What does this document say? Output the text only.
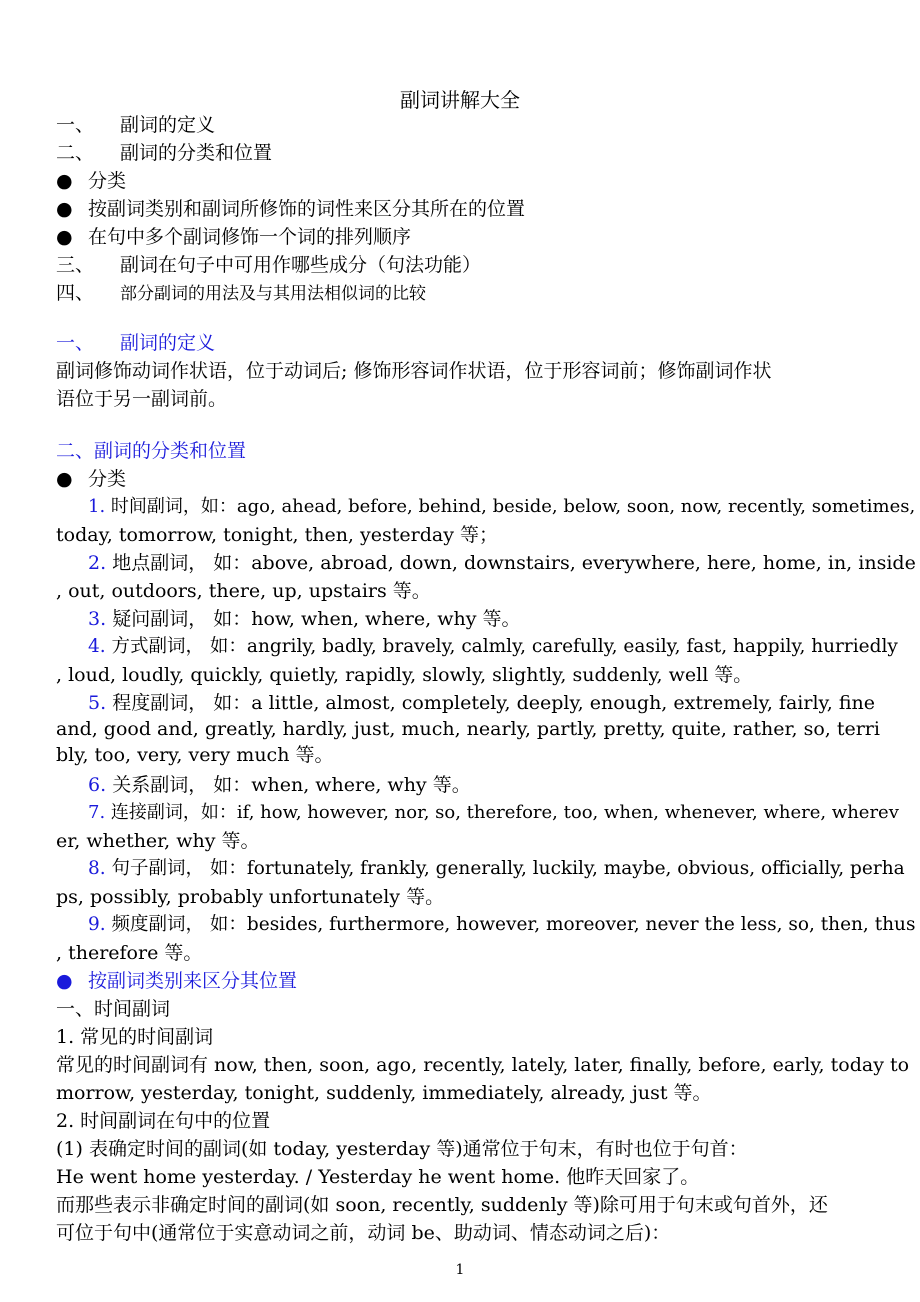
副词讲解大全
一、 副词的定义
二、 副词的分类和位置
● 分类
● 按副词类别和副词所修饰的词性来区分其所在的位置
● 在句中多个副词修饰一个词的排列顺序
三、 副词在句子中可用作哪些成分（句法功能）
四、 部分副词的用法及与其用法相似词的比较
一、 副词的定义
副词修饰动词作状语，位于动词后; 修饰形容词作状语，位于形容词前；修饰副词作状
语位于另一副词前。
二、副词的分类和位置
● 分类
1. 时间副词，如：ago, ahead, before, behind, beside, below, soon, now, recently, sometimes,
today, tomorrow, tonight, then, yesterday 等；
2. 地点副词， 如：above, abroad, down, downstairs, everywhere, here, home, in, inside
, out, outdoors, there, up, upstairs 等。
3. 疑问副词， 如：how, when, where, why 等。
4. 方式副词， 如：angrily, badly, bravely, calmly, carefully, easily, fast, happily, hurriedly
, loud, loudly, quickly, quietly, rapidly, slowly, slightly, suddenly, well 等。
5. 程度副词， 如：a little, almost, completely, deeply, enough, extremely, fairly, fine
and, good and, greatly, hardly, just, much, nearly, partly, pretty, quite, rather, so, terri
bly, too, very, very much 等。
6. 关系副词， 如：when, where, why 等。
7. 连接副词，如：if, how, however, nor, so, therefore, too, when, whenever, where, wherev
er, whether, why 等。
8. 句子副词， 如：fortunately, frankly, generally, luckily, maybe, obvious, officially, perha
ps, possibly, probably unfortunately 等。
9. 频度副词， 如：besides, furthermore, however, moreover, never the less, so, then, thus
, therefore 等。
● 按副词类别来区分其位置
一、时间副词
1. 常见的时间副词
常见的时间副词有 now, then, soon, ago, recently, lately, later, finally, before, early, today to
morrow, yesterday, tonight, suddenly, immediately, already, just 等。
2. 时间副词在句中的位置
(1) 表确定时间的副词(如 today, yesterday 等)通常位于句末，有时也位于句首：
He went home yesterday. / Yesterday he went home. 他昨天回家了。
而那些表示非确定时间的副词(如 soon, recently, suddenly 等)除可用于句末或句首外，还
可位于句中(通常位于实意动词之前，动词 be、助动词、情态动词之后)：
1
